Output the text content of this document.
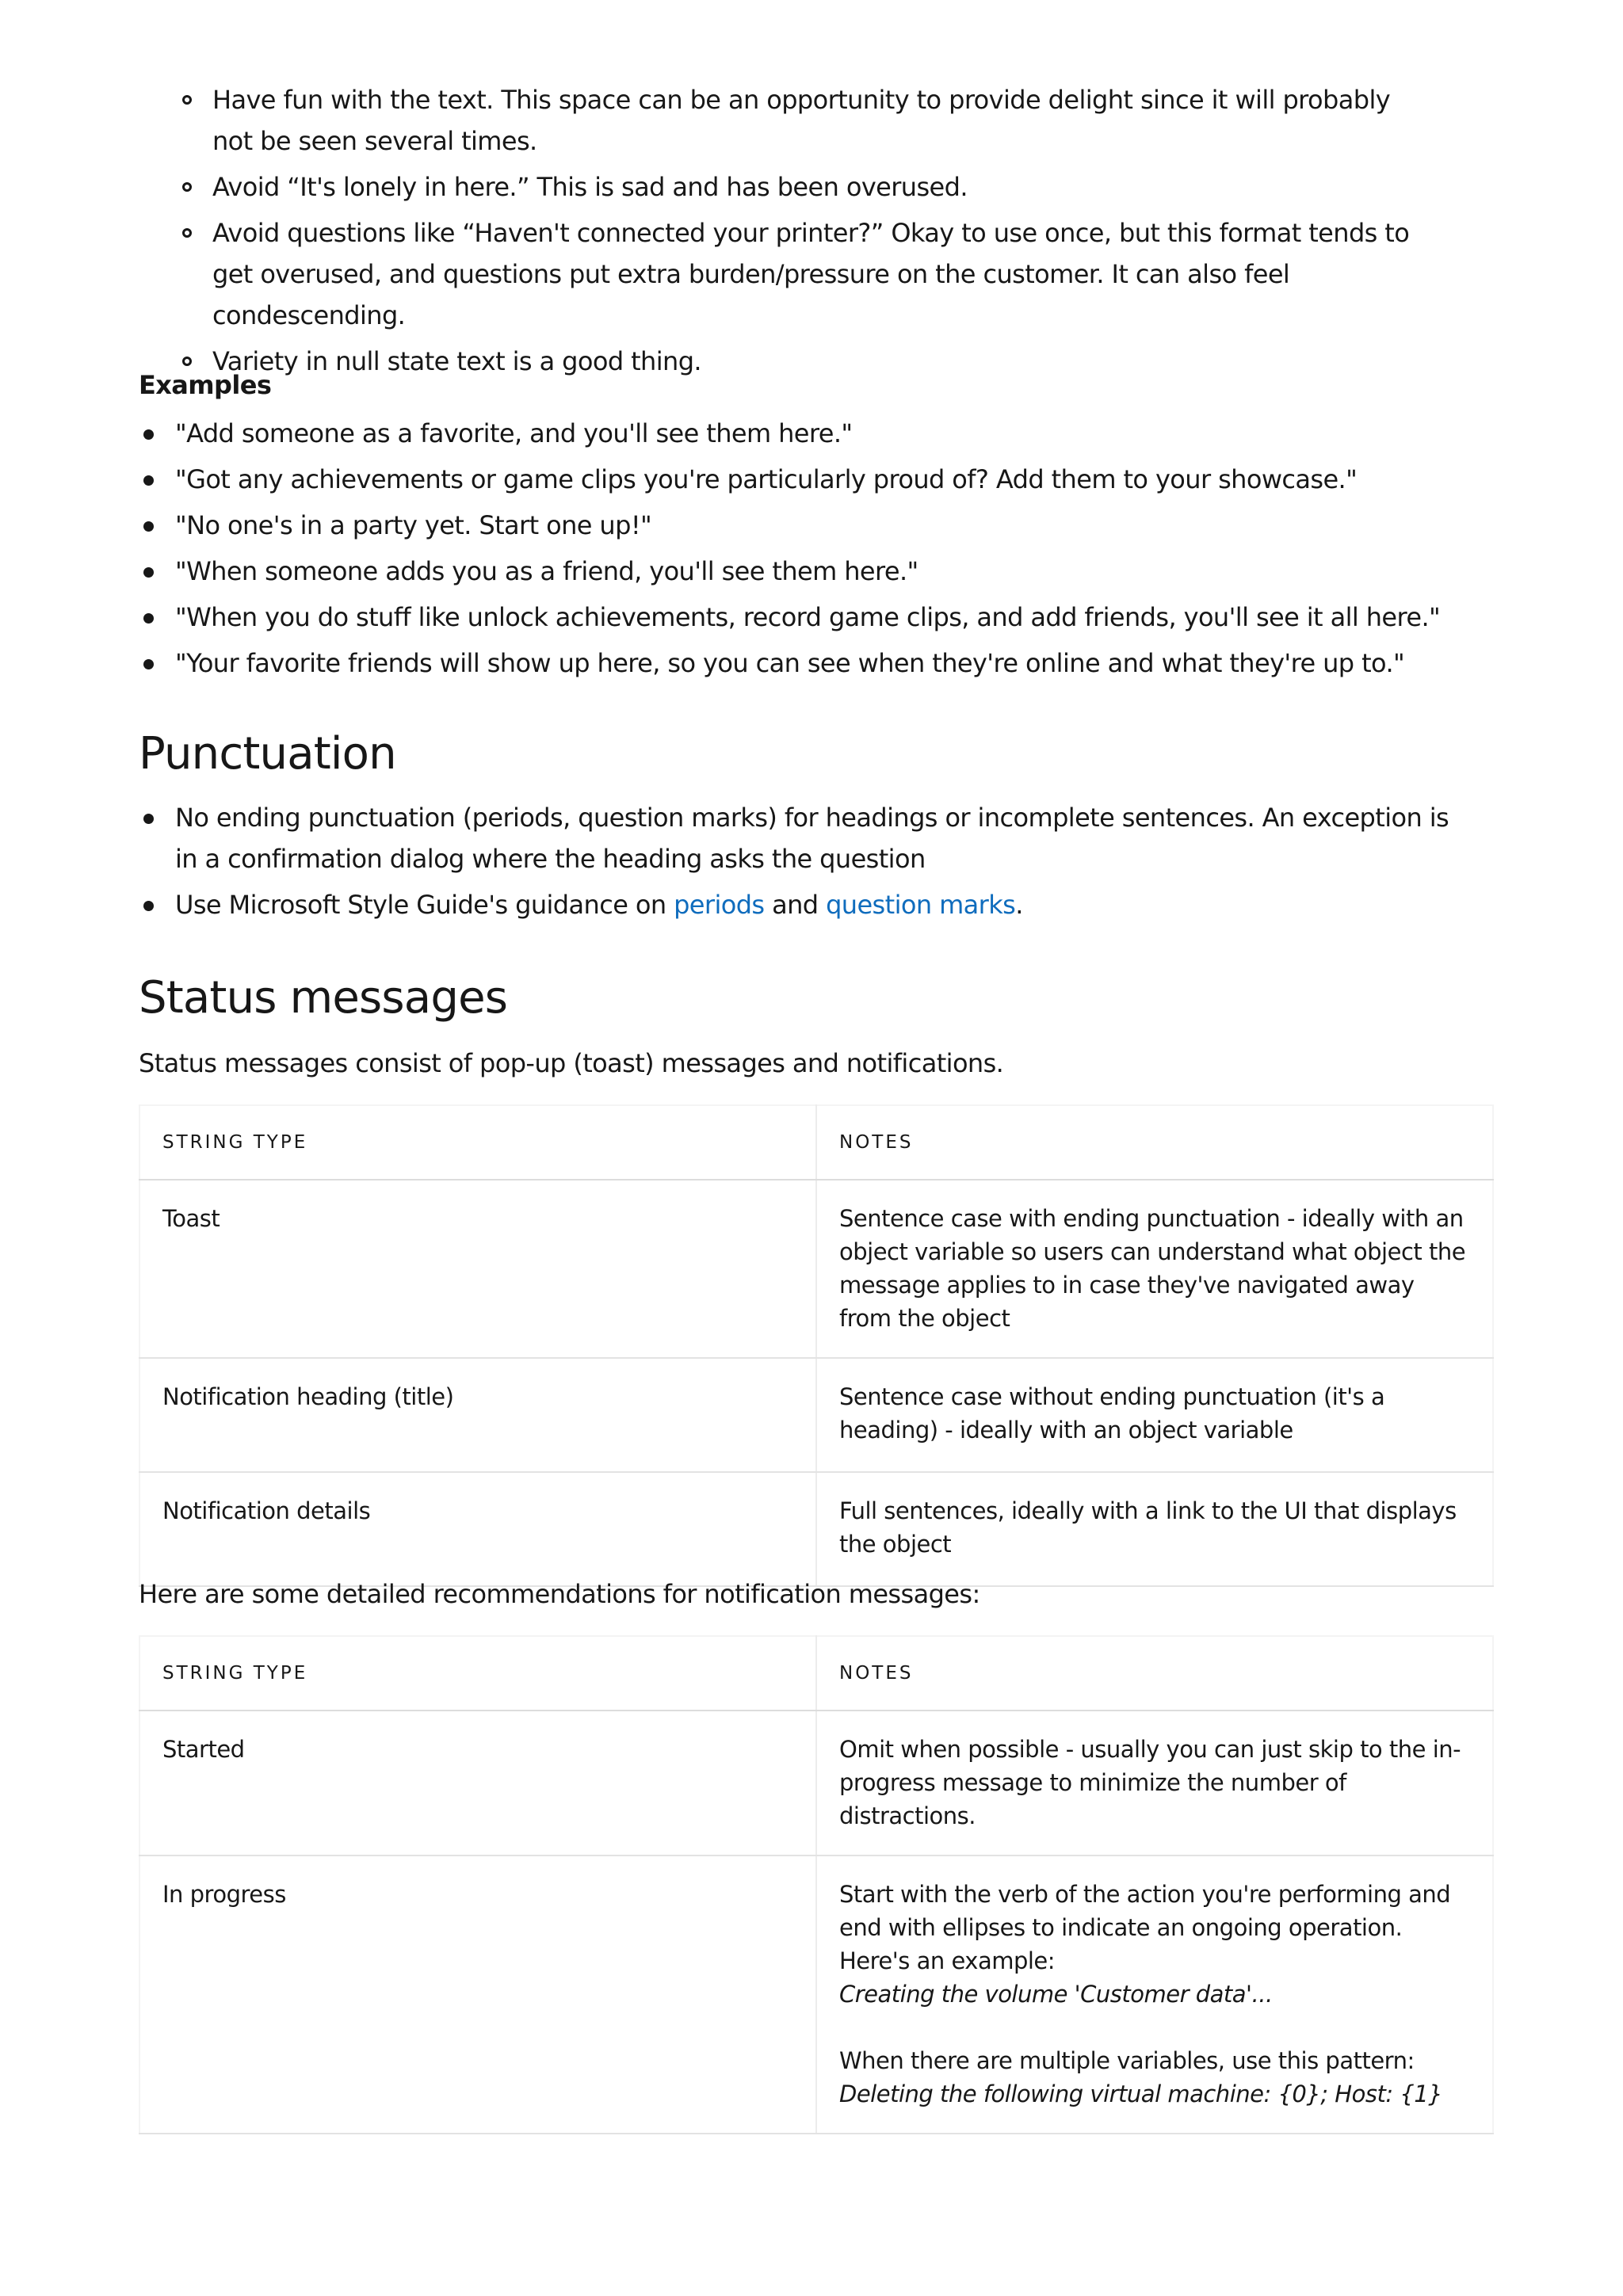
Have fun with the text. This space can be an opportunity to provide delight since it will probably not be seen several times.
Avoid “It's lonely in here.” This is sad and has been overused.
Avoid questions like “Haven't connected your printer?” Okay to use once, but this format tends to get overused, and questions put extra burden/pressure on the customer. It can also feel condescending.
Variety in null state text is a good thing.
Examples
"Add someone as a favorite, and you'll see them here."
"Got any achievements or game clips you're particularly proud of? Add them to your showcase."
"No one's in a party yet. Start one up!"
"When someone adds you as a friend, you'll see them here."
"When you do stuff like unlock achievements, record game clips, and add friends, you'll see it all here."
"Your favorite friends will show up here, so you can see when they're online and what they're up to."
Punctuation
No ending punctuation (periods, question marks) for headings or incomplete sentences. An exception is in a confirmation dialog where the heading asks the question
Use Microsoft Style Guide's guidance on periods and question marks.
Status messages
Status messages consist of pop-up (toast) messages and notifications.
STRING TYPE	NOTES
Toast	Sentence case with ending punctuation - ideally with an object variable so users can understand what object the message applies to in case they've navigated away from the object
Notification heading (title)	Sentence case without ending punctuation (it's a heading) - ideally with an object variable
Notification details	Full sentences, ideally with a link to the UI that displays the object
Here are some detailed recommendations for notification messages:
STRING TYPE	NOTES
Started	Omit when possible - usually you can just skip to the in-progress message to minimize the number of distractions.
In progress	Start with the verb of the action you're performing and end with ellipses to indicate an ongoing operation. Here's an example:
Creating the volume 'Customer data'...
When there are multiple variables, use this pattern:
Deleting the following virtual machine: {0}; Host: {1}
